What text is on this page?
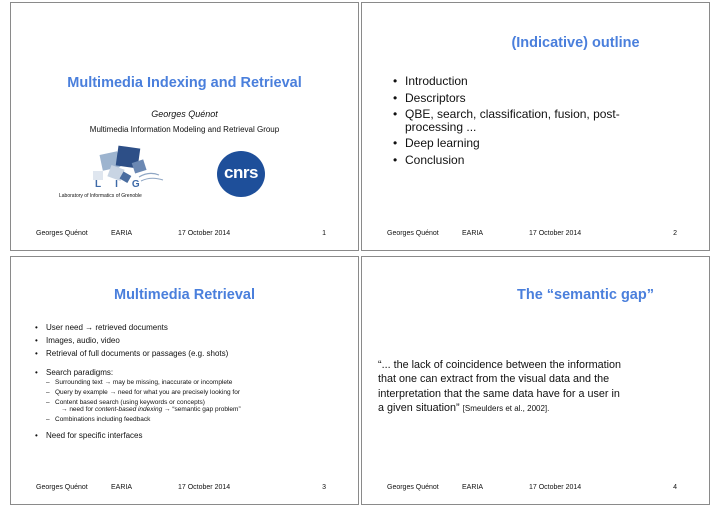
Multimedia Indexing and Retrieval
Georges Quénot
Multimedia Information Modeling and Retrieval Group
LIG
Laboratory of Informatics of Grenoble
cnrs
Georges Quénot	EARIA	17 October 2014	1
(Indicative) outline
• Introduction
• Descriptors
• QBE, search, classification, fusion, post-
processing ...
• Deep learning
• Conclusion
Georges Quénot	EARIA	17 October 2014	2
Multimedia Retrieval
• User need → retrieved documents
• Images, audio, video
• Retrieval of full documents or passages (e.g. shots)
• Search paradigms:
– Surrounding text → may be missing, inaccurate or incomplete
– Query by example → need for what you are precisely looking for
– Content based search (using keywords or concepts)
→ need for content-based indexing → “semantic gap problem”
– Combinations including feedback
• Need for specific interfaces
Georges Quénot	EARIA	17 October 2014	3
The “semantic gap”
“... the lack of coincidence between the information
that one can extract from the visual data and the
interpretation that the same data have for a user in
a given situation” [Smeulders et al., 2002].
Georges Quénot	EARIA	17 October 2014	4
